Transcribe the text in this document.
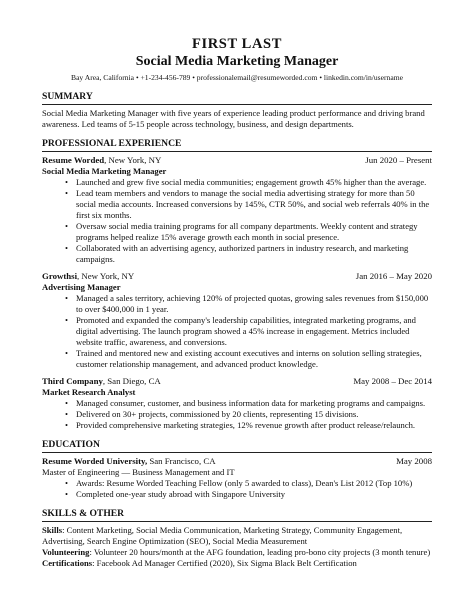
FIRST LAST
Social Media Marketing Manager
Bay Area, California • +1-234-456-789 • professionalemail@resumeworded.com • linkedin.com/in/username
SUMMARY
Social Media Marketing Manager with five years of experience leading product performance and driving brand awareness. Led teams of 5-15 people across technology, business, and design departments.
PROFESSIONAL EXPERIENCE
Resume Worded, New York, NY	Jun 2020 – Present
Social Media Marketing Manager
• Launched and grew five social media communities; engagement growth 45% higher than the average.
• Lead team members and vendors to manage the social media advertising strategy for more than 50 social media accounts. Increased conversions by 145%, CTR 50%, and social web referrals 40% in the first six months.
• Oversaw social media training programs for all company departments. Weekly content and strategy programs helped realize 15% average growth each month in social presence.
• Collaborated with an advertising agency, authorized partners in industry research, and marketing campaigns.
Growthsi, New York, NY	Jan 2016 – May 2020
Advertising Manager
• Managed a sales territory, achieving 120% of projected quotas, growing sales revenues from $150,000 to over $400,000 in 1 year.
• Promoted and expanded the company's leadership capabilities, integrated marketing programs, and digital advertising. The launch program showed a 45% increase in engagement. Metrics included website traffic, awareness, and conversions.
• Trained and mentored new and existing account executives and interns on solution selling strategies, customer relationship management, and advanced product knowledge.
Third Company, San Diego, CA	May 2008 – Dec 2014
Market Research Analyst
• Managed consumer, customer, and business information data for marketing programs and campaigns.
• Delivered on 30+ projects, commissioned by 20 clients, representing 15 divisions.
• Provided comprehensive marketing strategies, 12% revenue growth after product release/relaunch.
EDUCATION
Resume Worded University, San Francisco, CA	May 2008
Master of Engineering — Business Management and IT
• Awards: Resume Worded Teaching Fellow (only 5 awarded to class), Dean's List 2012 (Top 10%)
• Completed one-year study abroad with Singapore University
SKILLS & OTHER
Skills: Content Marketing, Social Media Communication, Marketing Strategy, Community Engagement, Advertising, Search Engine Optimization (SEO), Social Media Measurement
Volunteering: Volunteer 20 hours/month at the AFG foundation, leading pro-bono city projects (3 month tenure)
Certifications: Facebook Ad Manager Certified (2020), Six Sigma Black Belt Certification
